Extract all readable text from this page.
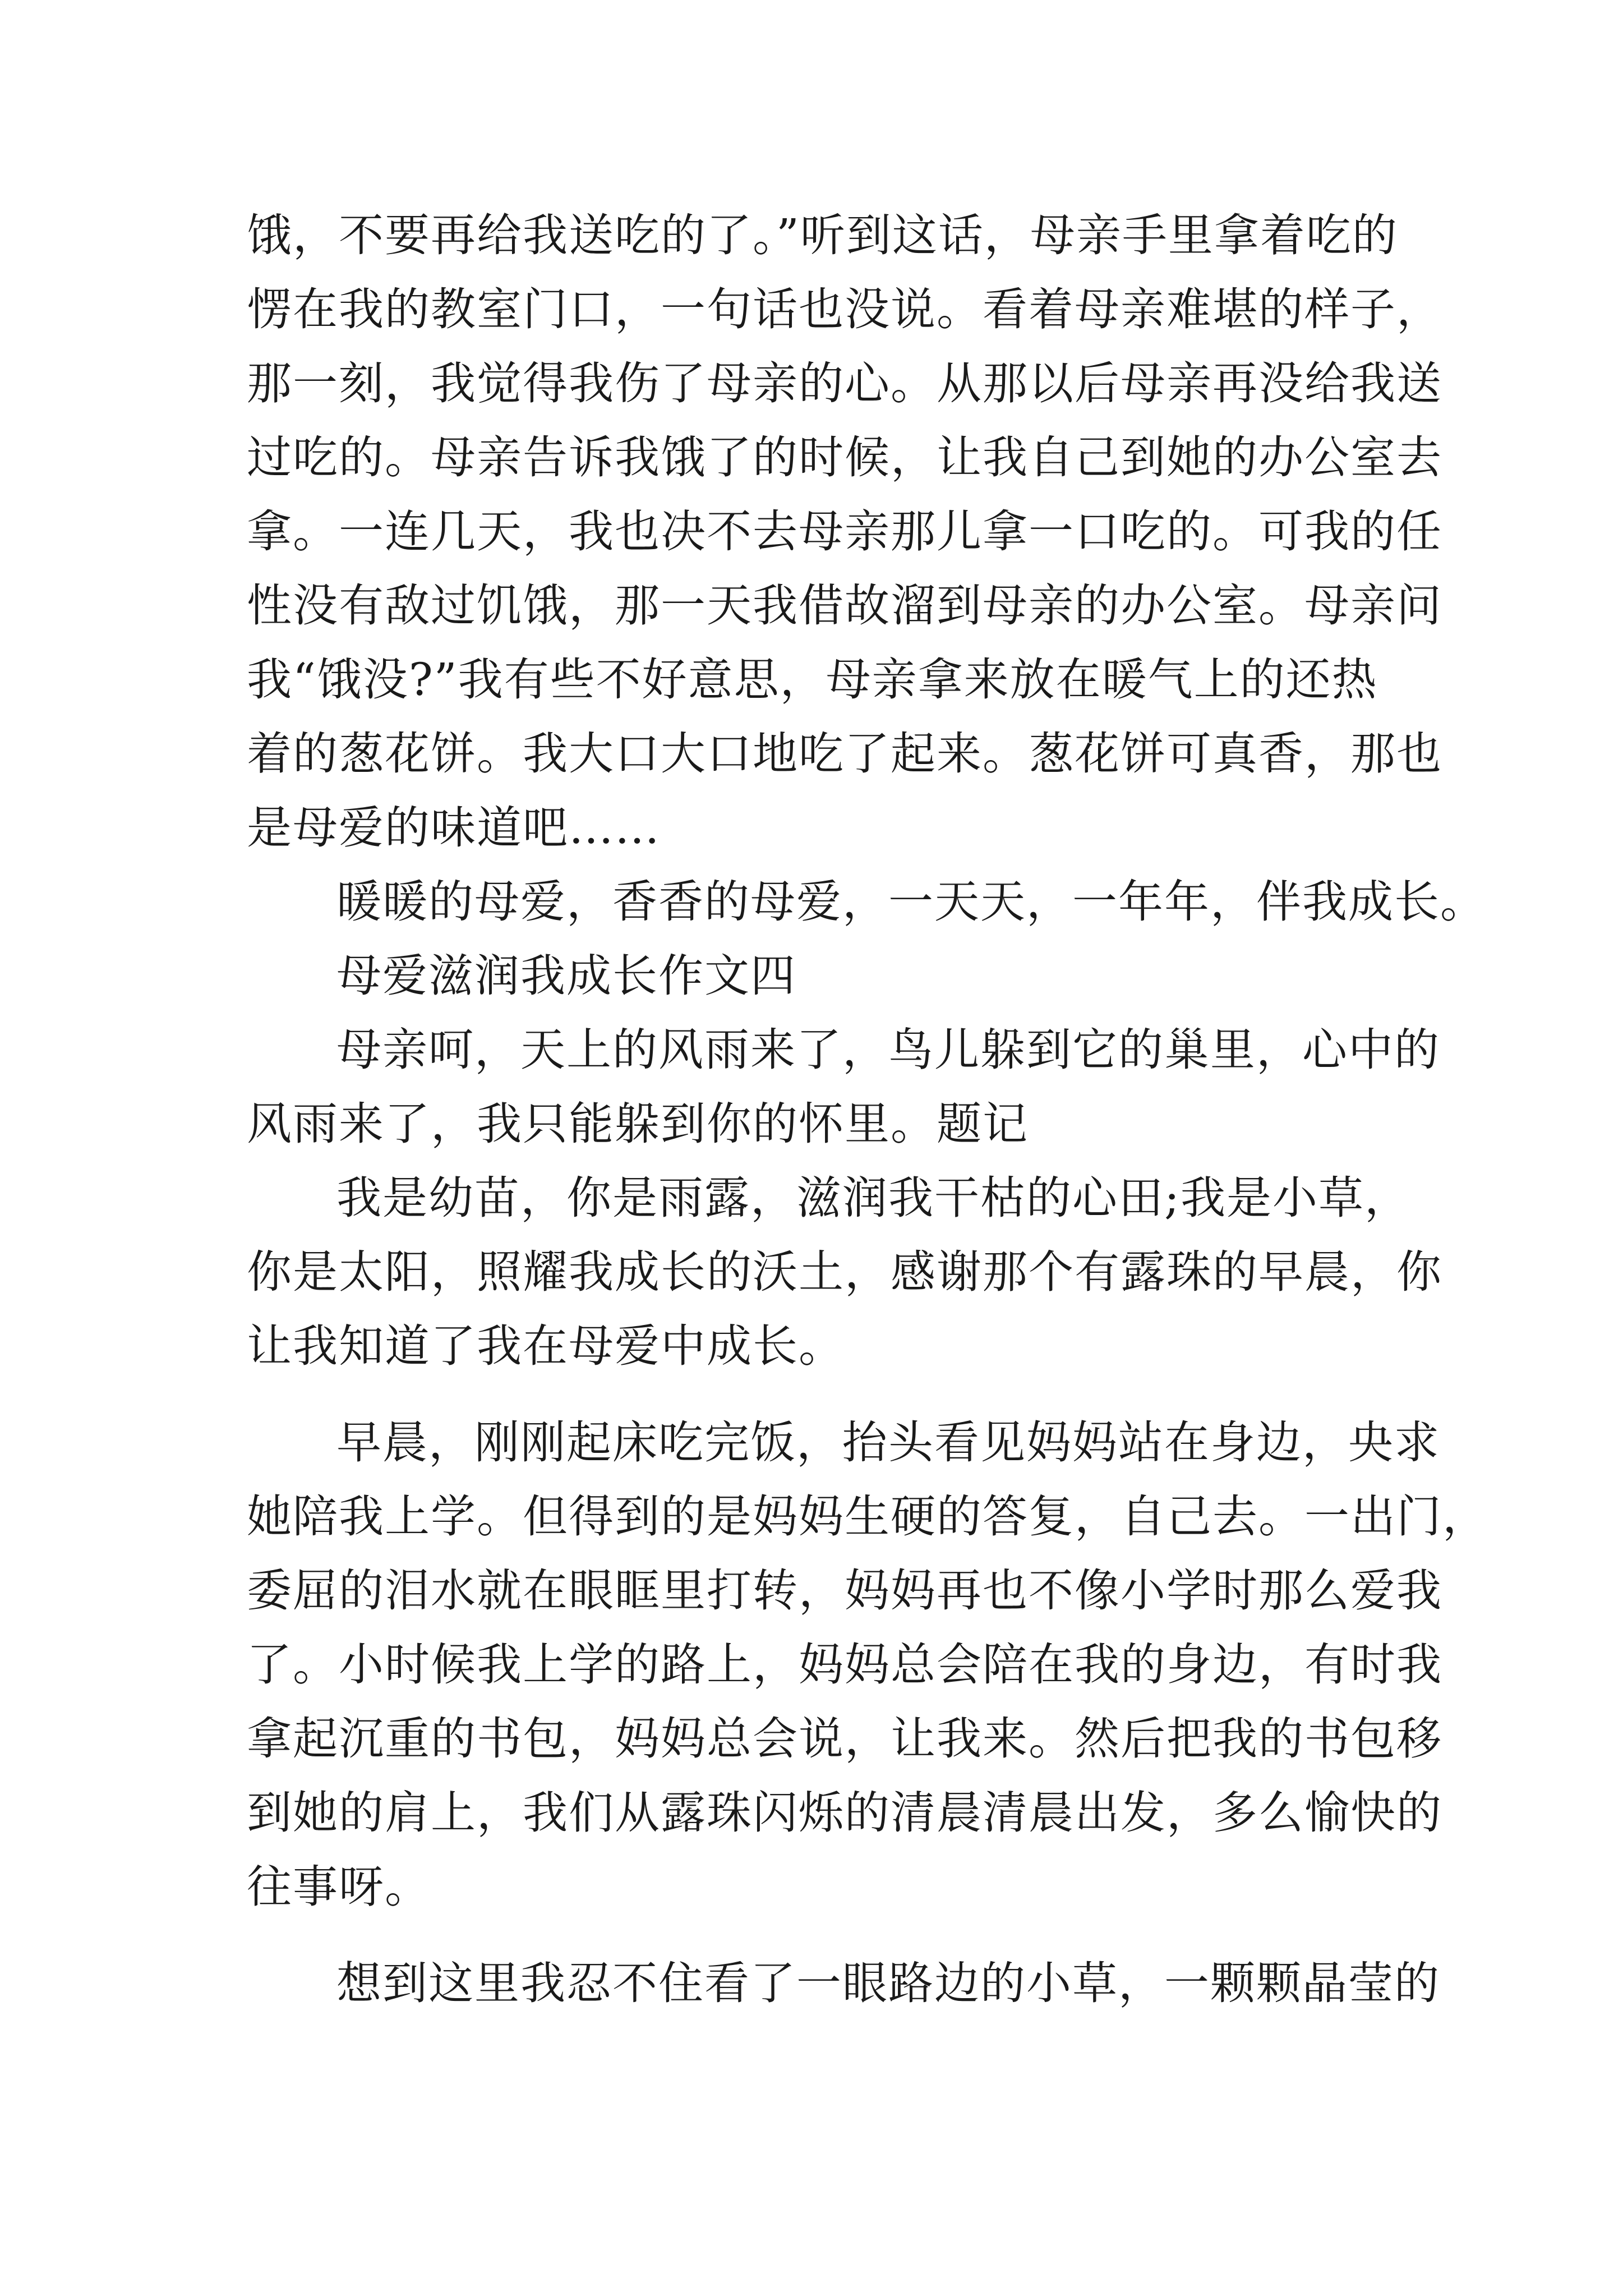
饿，不要再给我送吃的了。”听到这话，母亲手里拿着吃的
愣在我的教室门口，一句话也没说。看着母亲难堪的样子，
那一刻，我觉得我伤了母亲的心。从那以后母亲再没给我送
过吃的。母亲告诉我饿了的时候，让我自己到她的办公室去
拿。一连几天，我也决不去母亲那儿拿一口吃的。可我的任
性没有敌过饥饿，那一天我借故溜到母亲的办公室。母亲问
我“饿没?”我有些不好意思，母亲拿来放在暖气上的还热
着的葱花饼。我大口大口地吃了起来。葱花饼可真香，那也
是母爱的味道吧……
暖暖的母爱，香香的母爱，一天天，一年年，伴我成长。
母爱滋润我成长作文四
母亲呵，天上的风雨来了，鸟儿躲到它的巢里，心中的
风雨来了，我只能躲到你的怀里。题记
我是幼苗，你是雨露，滋润我干枯的心田;我是小草，
你是太阳，照耀我成长的沃土，感谢那个有露珠的早晨，你
让我知道了我在母爱中成长。
早晨，刚刚起床吃完饭，抬头看见妈妈站在身边，央求
她陪我上学。但得到的是妈妈生硬的答复，自己去。一出门，
委屈的泪水就在眼眶里打转，妈妈再也不像小学时那么爱我
了。小时候我上学的路上，妈妈总会陪在我的身边，有时我
拿起沉重的书包，妈妈总会说，让我来。然后把我的书包移
到她的肩上，我们从露珠闪烁的清晨清晨出发，多么愉快的
往事呀。
想到这里我忍不住看了一眼路边的小草，一颗颗晶莹的
